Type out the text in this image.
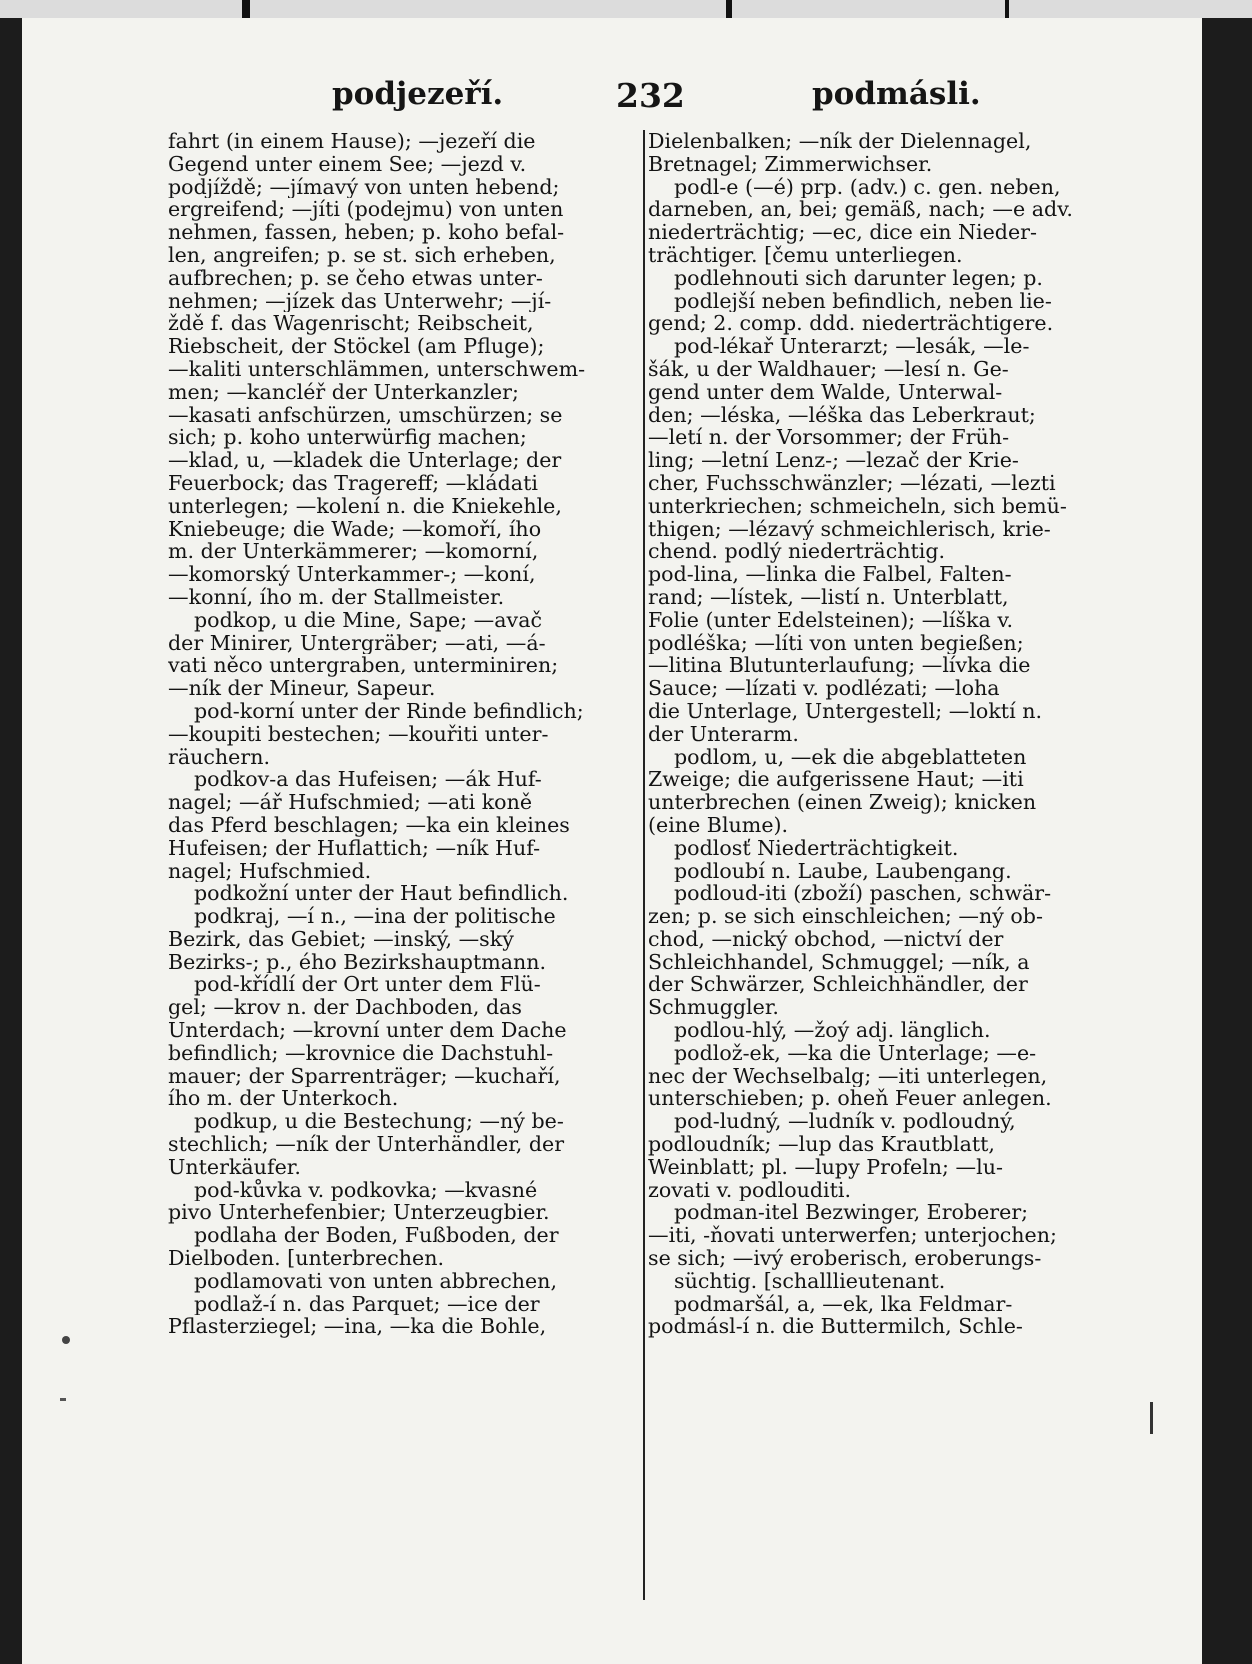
podjezeří.	232	podmásli.
fahrt (in einem Hause); —jezeří die
Gegend unter einem See; —jezd v.
podjíždě; —jímavý von unten hebend;
ergreifend; —jíti (podejmu) von unten
nehmen, fassen, heben; p. koho befal-
len, angreifen; p. se st. sich erheben,
aufbrechen; p. se čeho etwas unter-
nehmen; —jízek das Unterwehr; —jí-
ždě f. das Wagenrischt; Reibscheit,
Riebscheit, der Stöckel (am Pfluge);
—kaliti unterschlämmen, unterschwem-
men; —kancléř der Unterkanzler;
—kasati anfschürzen, umschürzen; se
sich; p. koho unterwürfig machen;
—klad, u, —kladek die Unterlage; der
Feuerbock; das Tragereff; —kládati
unterlegen; —kolení n. die Kniekehle,
Kniebeuge; die Wade; —komoří, ího
m. der Unterkämmerer; —komorní,
—komorský Unterkammer-; —koní,
—konní, ího m. der Stallmeister.
podkop, u die Mine, Sape; —avač
der Minirer, Untergräber; —ati, —á-
vati něco untergraben, unterminiren;
—ník der Mineur, Sapeur.
pod-korní unter der Rinde befindlich;
—koupiti bestechen; —kouřiti unter-
räuchern.
podkov-a das Hufeisen; —ák Huf-
nagel; —ář Hufschmied; —ati koně
das Pferd beschlagen; —ka ein kleines
Hufeisen; der Huflattich; —ník Huf-
nagel; Hufschmied.
podkožní unter der Haut befindlich.
podkraj, —í n., —ina der politische
Bezirk, das Gebiet; —inský, —ský
Bezirks-; p., ého Bezirkshauptmann.
pod-křídlí der Ort unter dem Flü-
gel; —krov n. der Dachboden, das
Unterdach; —krovní unter dem Dache
befindlich; —krovnice die Dachstuhl-
mauer; der Sparrenträger; —kuchaří,
ího m. der Unterkoch.
podkup, u die Bestechung; —ný be-
stechlich; —ník der Unterhändler, der
Unterkäufer.
pod-kůvka v. podkovka; —kvasné
pivo Unterhefenbier; Unterzeugbier.
podlaha der Boden, Fußboden, der
Dielboden. [unterbrechen.
podlamovati von unten abbrechen,
podlaž-í n. das Parquet; —ice der
Pflasterziegel; —ina, —ka die Bohle,
Dielenbalken; —ník der Dielennagel,
Bretnagel; Zimmerwichser.
podl-e (—é) prp. (adv.) c. gen. neben,
darneben, an, bei; gemäß, nach; —e adv.
niederträchtig; —ec, dice ein Nieder-
trächtiger. [čemu unterliegen.
podlehnouti sich darunter legen; p.
podlejší neben befindlich, neben lie-
gend; 2. comp. ddd. niederträchtigere.
pod-lékař Unterarzt; —lesák, —le-
šák, u der Waldhauer; —lesí n. Ge-
gend unter dem Walde, Unterwal-
den; —léska, —léška das Leberkraut;
—letí n. der Vorsommer; der Früh-
ling; —letní Lenz-; —lezač der Krie-
cher, Fuchsschwänzler; —lézati, —lezti
unterkriechen; schmeicheln, sich bemü-
thigen; —lézavý schmeichlerisch, krie-
chend. podlý niederträchtig.
pod-lina, —linka die Falbel, Falten-
rand; —lístek, —listí n. Unterblatt,
Folie (unter Edelsteinen); —líška v.
podléška; —líti von unten begießen;
—litina Blutunterlaufung; —lívka die
Sauce; —lízati v. podlézati; —loha
die Unterlage, Untergestell; —loktí n.
der Unterarm.
podlom, u, —ek die abgeblatteten
Zweige; die aufgerissene Haut; —iti
unterbrechen (einen Zweig); knicken
(eine Blume).
podlosť Niederträchtigkeit.
podloubí n. Laube, Laubengang.
podloud-iti (zboží) paschen, schwär-
zen; p. se sich einschleichen; —ný ob-
chod, —nický obchod, —nictví der
Schleichhandel, Schmuggel; —ník, a
der Schwärzer, Schleichhändler, der
Schmuggler.
podlou-hlý, —žoý adj. länglich.
podlož-ek, —ka die Unterlage; —e-
nec der Wechselbalg; —iti unterlegen,
unterschieben; p. oheň Feuer anlegen.
pod-ludný, —ludník v. podloudný,
podloudník; —lup das Krautblatt,
Weinblatt; pl. —lupy Profeln; —lu-
zovati v. podlouditi.
podman-itel Bezwinger, Eroberer;
—iti, -ňovati unterwerfen; unterjochen;
se sich; —ivý eroberisch, eroberungs-
süchtig. [schalllieutenant.
podmaršál, a, —ek, lka Feldmar-
podmásl-í n. die Buttermilch, Schle-
